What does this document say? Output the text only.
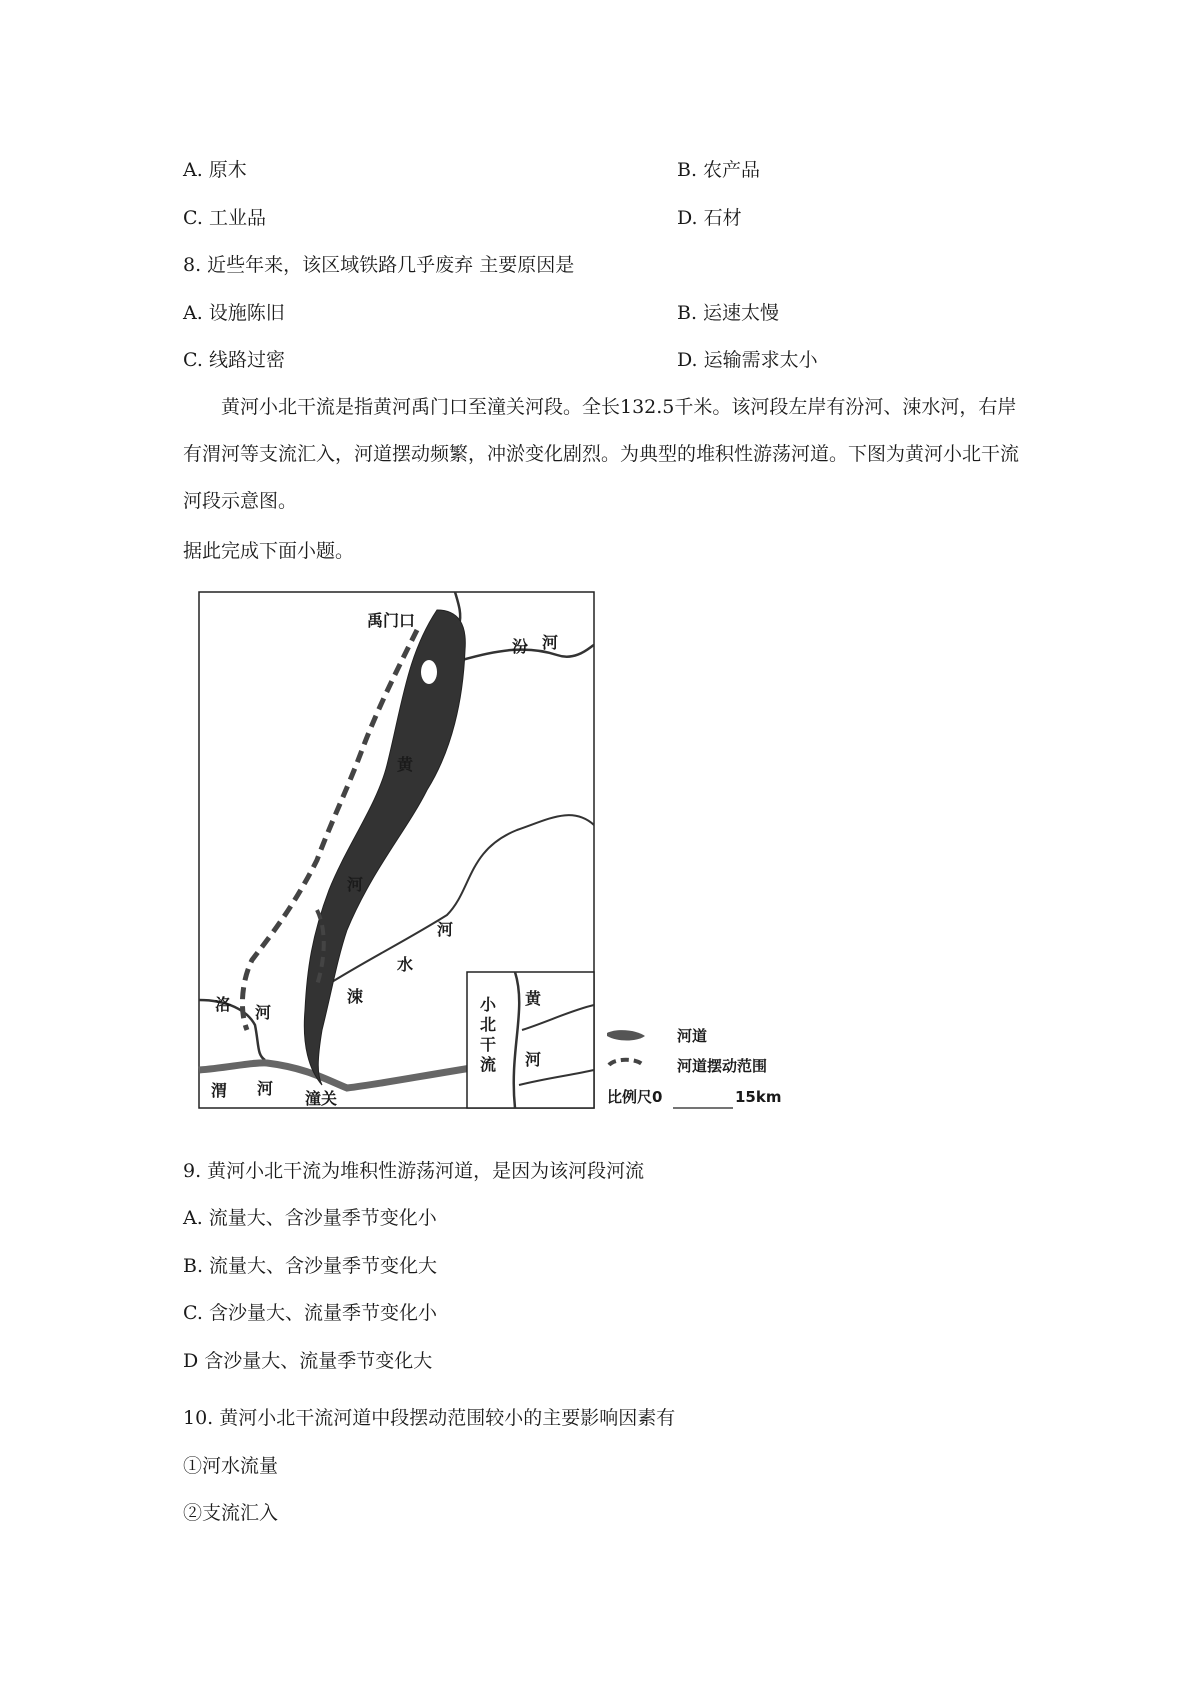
A. 原木	B. 农产品
C. 工业品	D. 石材
8. 近些年来，该区域铁路几乎废弃 主要原因是
A. 设施陈旧	B. 运速太慢
C. 线路过密	D. 运输需求太小
黄河小北干流是指黄河禹门口至潼关河段。全长132.5千米。该河段左岸有汾河、涑水河，右岸有渭河等支流汇入，河道摆动频繁，冲淤变化剧烈。为典型的堆积性游荡河道。下图为黄河小北干流河段示意图。
据此完成下面小题。
禹门口
汾 河
黄
河
河
水
涑
洛 河
渭 河
潼关
小
北
干
流
黄
河
河道
河道摆动范围
比例尺0	15km
9. 黄河小北干流为堆积性游荡河道，是因为该河段河流
A. 流量大、含沙量季节变化小
B. 流量大、含沙量季节变化大
C. 含沙量大、流量季节变化小
D 含沙量大、流量季节变化大
10. 黄河小北干流河道中段摆动范围较小的主要影响因素有
①河水流量
②支流汇入
